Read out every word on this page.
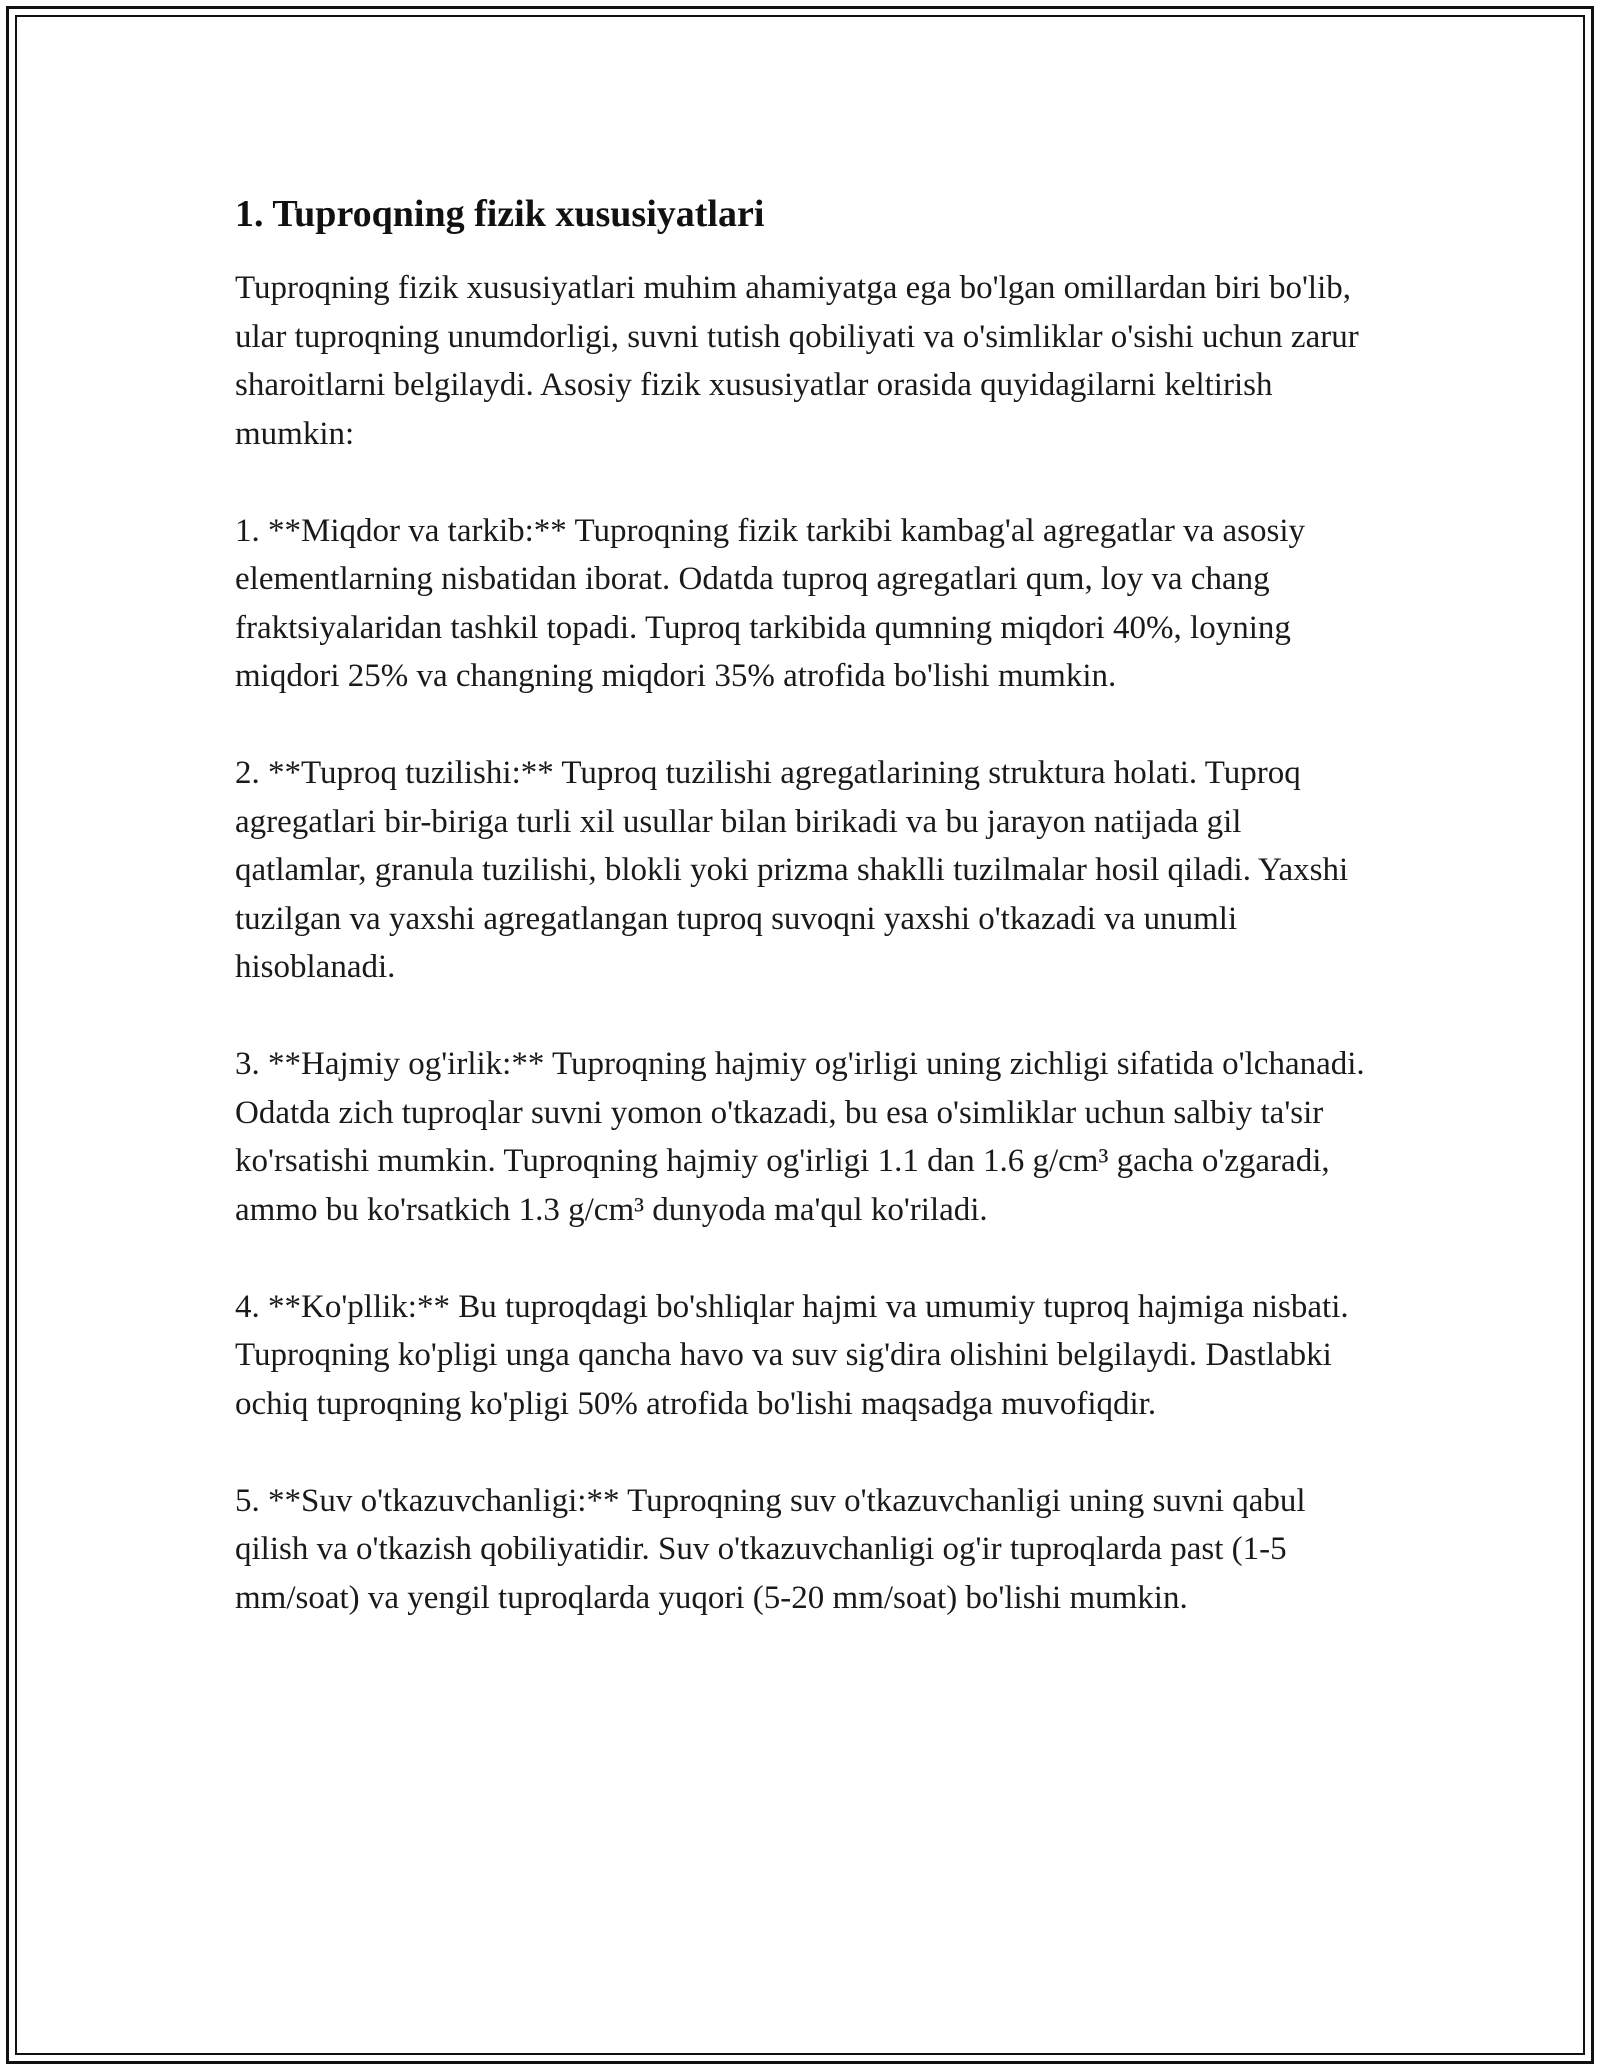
1. Tuproqning fizik xususiyatlari

Tuproqning fizik xususiyatlari muhim ahamiyatga ega bo'lgan omillardan biri bo'lib, ular tuproqning unumdorligi, suvni tutish qobiliyati va o'simliklar o'sishi uchun zarur sharoitlarni belgilaydi. Asosiy fizik xususiyatlar orasida quyidagilarni keltirish mumkin:

1. **Miqdor va tarkib:** Tuproqning fizik tarkibi kambag'al agregatlar va asosiy elementlarning nisbatidan iborat. Odatda tuproq agregatlari qum, loy va chang fraktsiyalaridan tashkil topadi. Tuproq tarkibida qumning miqdori 40%, loyning miqdori 25% va changning miqdori 35% atrofida bo'lishi mumkin.

2. **Tuproq tuzilishi:** Tuproq tuzilishi agregatlarining struktura holati. Tuproq agregatlari bir-biriga turli xil usullar bilan birikadi va bu jarayon natijada gil qatlamlar, granula tuzilishi, blokli yoki prizma shaklli tuzilmalar hosil qiladi. Yaxshi tuzilgan va yaxshi agregatlangan tuproq suvoqni yaxshi o'tkazadi va unumli hisoblanadi.

3. **Hajmiy og'irlik:** Tuproqning hajmiy og'irligi uning zichligi sifatida o'lchanadi. Odatda zich tuproqlar suvni yomon o'tkazadi, bu esa o'simliklar uchun salbiy ta'sir ko'rsatishi mumkin. Tuproqning hajmiy og'irligi 1.1 dan 1.6 g/cm³ gacha o'zgaradi, ammo bu ko'rsatkich 1.3 g/cm³ dunyoda ma'qul ko'riladi.

4. **Ko'pllik:** Bu tuproqdagi bo'shliqlar hajmi va umumiy tuproq hajmiga nisbati. Tuproqning ko'pligi unga qancha havo va suv sig'dira olishini belgilaydi. Dastlabki ochiq tuproqning ko'pligi 50% atrofida bo'lishi maqsadga muvofiqdir.

5. **Suv o'tkazuvchanligi:** Tuproqning suv o'tkazuvchanligi uning suvni qabul qilish va o'tkazish qobiliyatidir. Suv o'tkazuvchanligi og'ir tuproqlarda past (1-5 mm/soat) va yengil tuproqlarda yuqori (5-20 mm/soat) bo'lishi mumkin.
